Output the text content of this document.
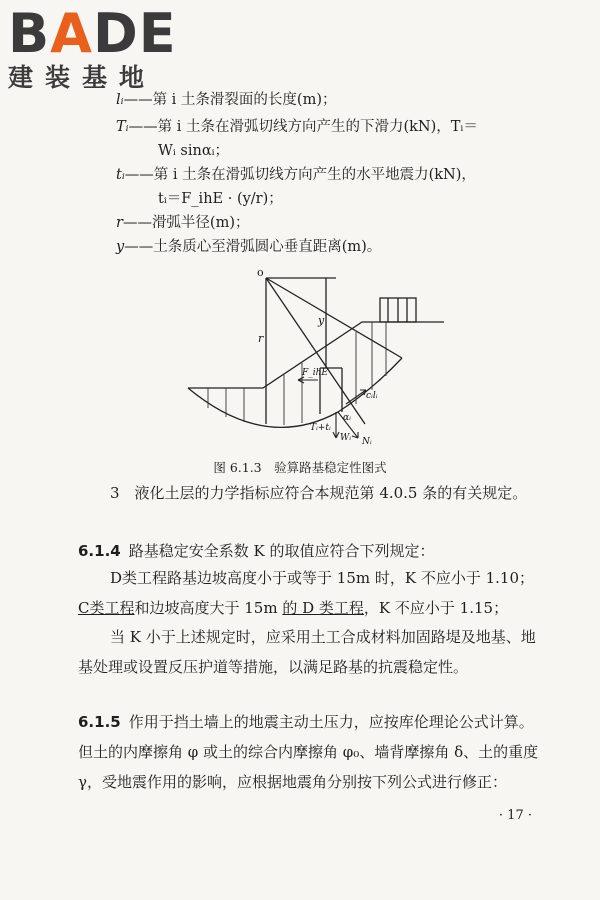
BADE
建装基地
lᵢ——第 i 土条滑裂面的长度(m)；
Tᵢ——第 i 土条在滑弧切线方向产生的下滑力(kN)，Tᵢ＝
Wᵢ sinαᵢ；
tᵢ——第 i 土条在滑弧切线方向产生的水平地震力(kN)，
tᵢ＝F_ihE · (y/r)；
r——滑弧半径(m)；
y——土条质心至滑弧圆心垂直距离(m)。
o
r
y
F_ihE
cᵢlᵢ
αᵢ
Tᵢ+tᵢ
Wᵢ Nᵢ
图 6.1.3　验算路基稳定性图式
3　液化土层的力学指标应符合本规范第 4.0.5 条的有关规定。
6.1.4 路基稳定安全系数 K 的取值应符合下列规定：
D类工程路基边坡高度小于或等于 15m 时，K 不应小于 1.10；C类工程和边坡高度大于 15m 的 D 类工程，K 不应小于 1.15；
当 K 小于上述规定时，应采用土工合成材料加固路堤及地基、地基处理或设置反压护道等措施，以满足路基的抗震稳定性。
6.1.5 作用于挡土墙上的地震主动土压力，应按库伦理论公式计算。但土的内摩擦角 φ 或土的综合内摩擦角 φ₀、墙背摩擦角 δ、土的重度 γ，受地震作用的影响，应根据地震角分别按下列公式进行修正：
· 17 ·
